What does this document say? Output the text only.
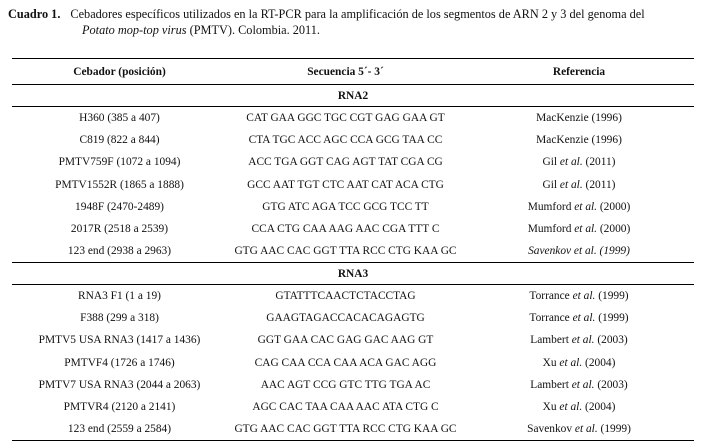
Cuadro 1. Cebadores específicos utilizados en la RT-PCR para la amplificación de los segmentos de ARN 2 y 3 del genoma del
Potato mop-top virus (PMTV). Colombia. 2011.
Cebador (posición)	Secuencia 5´- 3´	Referencia
RNA2		
H360 (385 a 407)	CAT GAA GGC TGC CGT GAG GAA GT	MacKenzie (1996)
C819 (822 a 844)	CTA TGC ACC AGC CCA GCG TAA CC	MacKenzie (1996)
PMTV759F (1072 a 1094)	ACC TGA GGT CAG AGT TAT CGA CG	Gil et al. (2011)
PMTV1552R (1865 a 1888)	GCC AAT TGT CTC AAT CAT ACA CTG	Gil et al. (2011)
1948F (2470-2489)	GTG ATC AGA TCC GCG TCC TT	Mumford et al. (2000)
2017R (2518 a 2539)	CCA CTG CAA AAG AAC CGA TTT C	Mumford et al. (2000)
123 end (2938 a 2963)	GTG AAC CAC GGT TTA RCC CTG KAA GC	Savenkov et al. (1999)
RNA3		
RNA3 F1 (1 a 19)	GTATTTCAACTCTACCTAG	Torrance et al. (1999)
F388 (299 a 318)	GAAGTAGACCACACAGAGTG	Torrance et al. (1999)
PMTV5 USA RNA3 (1417 a 1436)	GGT GAA CAC GAG GAC AAG GT	Lambert et al. (2003)
PMTVF4 (1726 a 1746)	CAG CAA CCA CAA ACA GAC AGG	Xu et al. (2004)
PMTV7 USA RNA3 (2044 a 2063)	AAC AGT CCG GTC TTG TGA AC	Lambert et al. (2003)
PMTVR4 (2120 a 2141)	AGC CAC TAA CAA AAC ATA CTG C	Xu et al. (2004)
123 end (2559 a 2584)	GTG AAC CAC GGT TTA RCC CTG KAA GC	Savenkov et al. (1999)
